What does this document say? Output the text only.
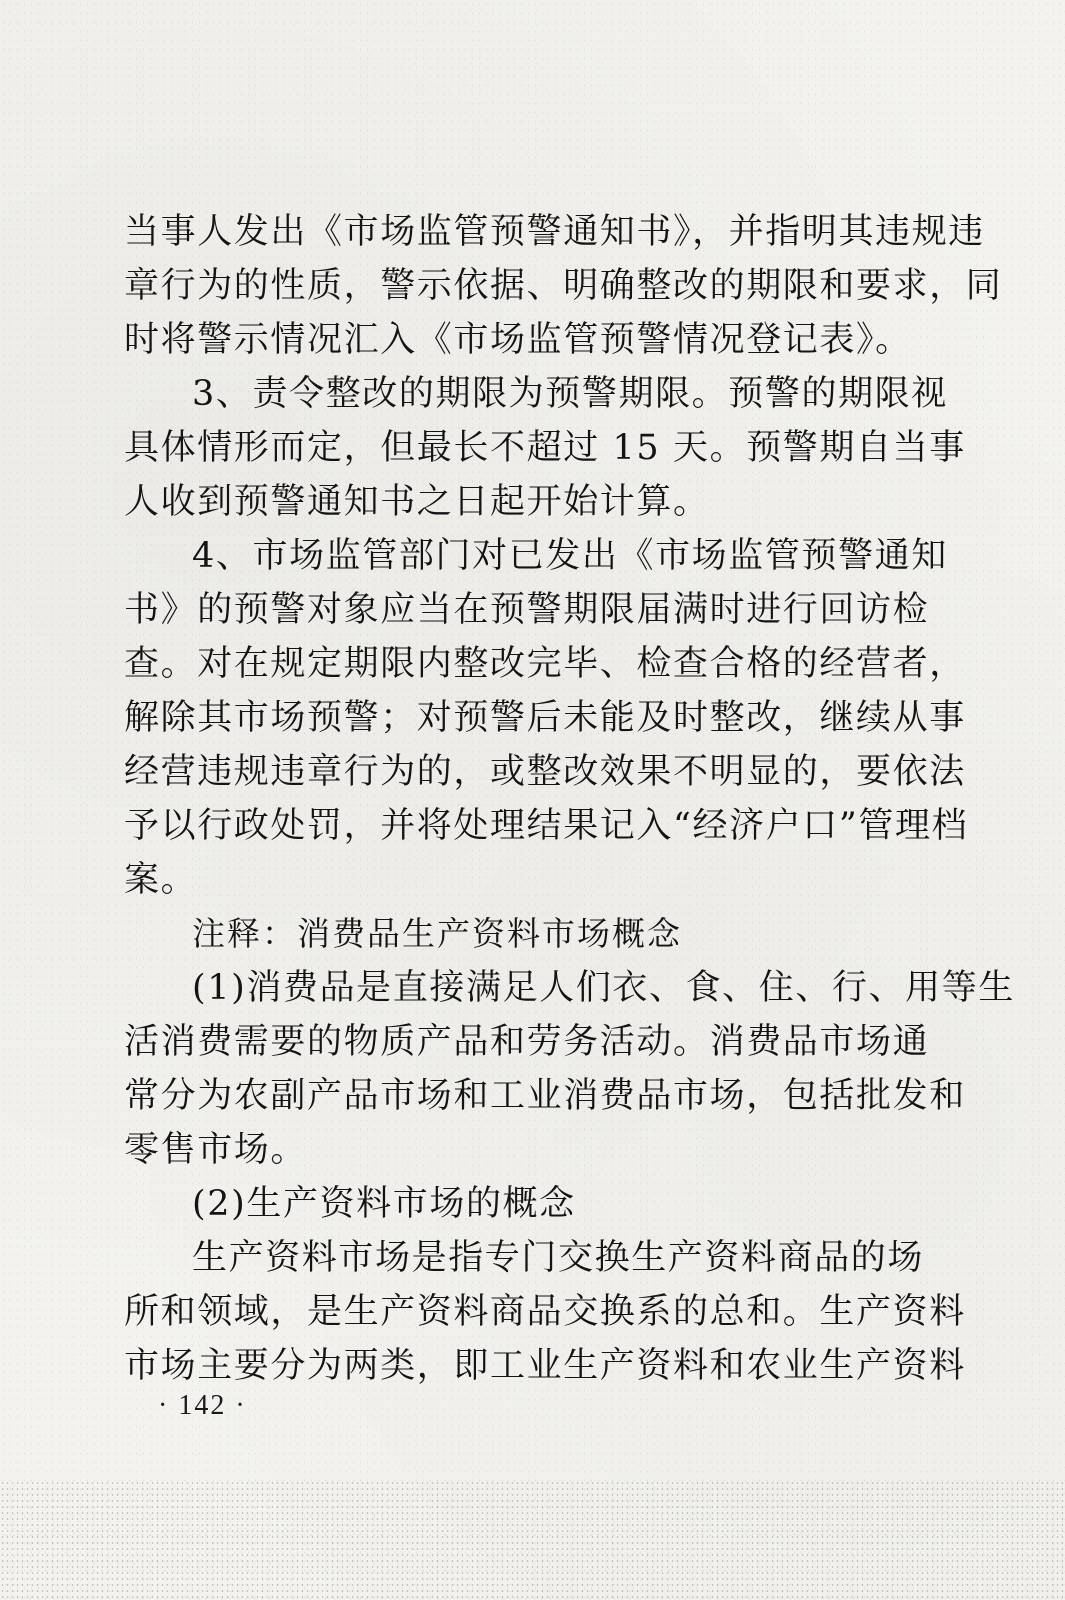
当事人发出《市场监管预警通知书》，并指明其违规违
章行为的性质，警示依据、明确整改的期限和要求，同
时将警示情况汇入《市场监管预警情况登记表》。
3、责令整改的期限为预警期限。预警的期限视
具体情形而定，但最长不超过 15 天。预警期自当事
人收到预警通知书之日起开始计算。
4、市场监管部门对已发出《市场监管预警通知
书》的预警对象应当在预警期限届满时进行回访检
查。对在规定期限内整改完毕、检查合格的经营者，
解除其市场预警；对预警后未能及时整改，继续从事
经营违规违章行为的，或整改效果不明显的，要依法
予以行政处罚，并将处理结果记入“经济户口”管理档
案。
注释：消费品生产资料市场概念
(1)消费品是直接满足人们衣、食、住、行、用等生
活消费需要的物质产品和劳务活动。消费品市场通
常分为农副产品市场和工业消费品市场，包括批发和
零售市场。
(2)生产资料市场的概念
生产资料市场是指专门交换生产资料商品的场
所和领域，是生产资料商品交换系的总和。生产资料
市场主要分为两类，即工业生产资料和农业生产资料
· 142 ·
